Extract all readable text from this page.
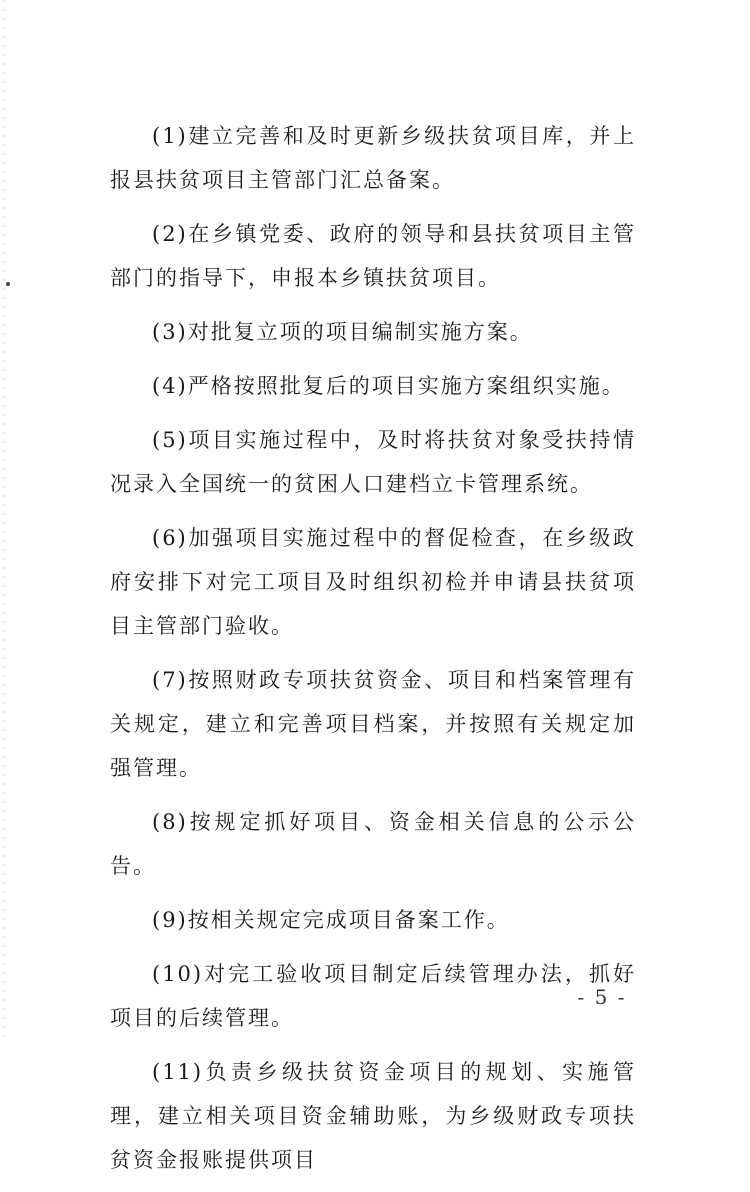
(1)建立完善和及时更新乡级扶贫项目库，并上报县扶贫项目主管部门汇总备案。

(2)在乡镇党委、政府的领导和县扶贫项目主管部门的指导下，申报本乡镇扶贫项目。

(3)对批复立项的项目编制实施方案。

(4)严格按照批复后的项目实施方案组织实施。

(5)项目实施过程中，及时将扶贫对象受扶持情况录入全国统一的贫困人口建档立卡管理系统。

(6)加强项目实施过程中的督促检查，在乡级政府安排下对完工项目及时组织初检并申请县扶贫项目主管部门验收。

(7)按照财政专项扶贫资金、项目和档案管理有关规定，建立和完善项目档案，并按照有关规定加强管理。

(8)按规定抓好项目、资金相关信息的公示公告。

(9)按相关规定完成项目备案工作。

(10)对完工验收项目制定后续管理办法，抓好项目的后续管理。

(11)负责乡级扶贫资金项目的规划、实施管理，建立相关项目资金辅助账，为乡级财政专项扶贫资金报账提供项目

- 5 -
